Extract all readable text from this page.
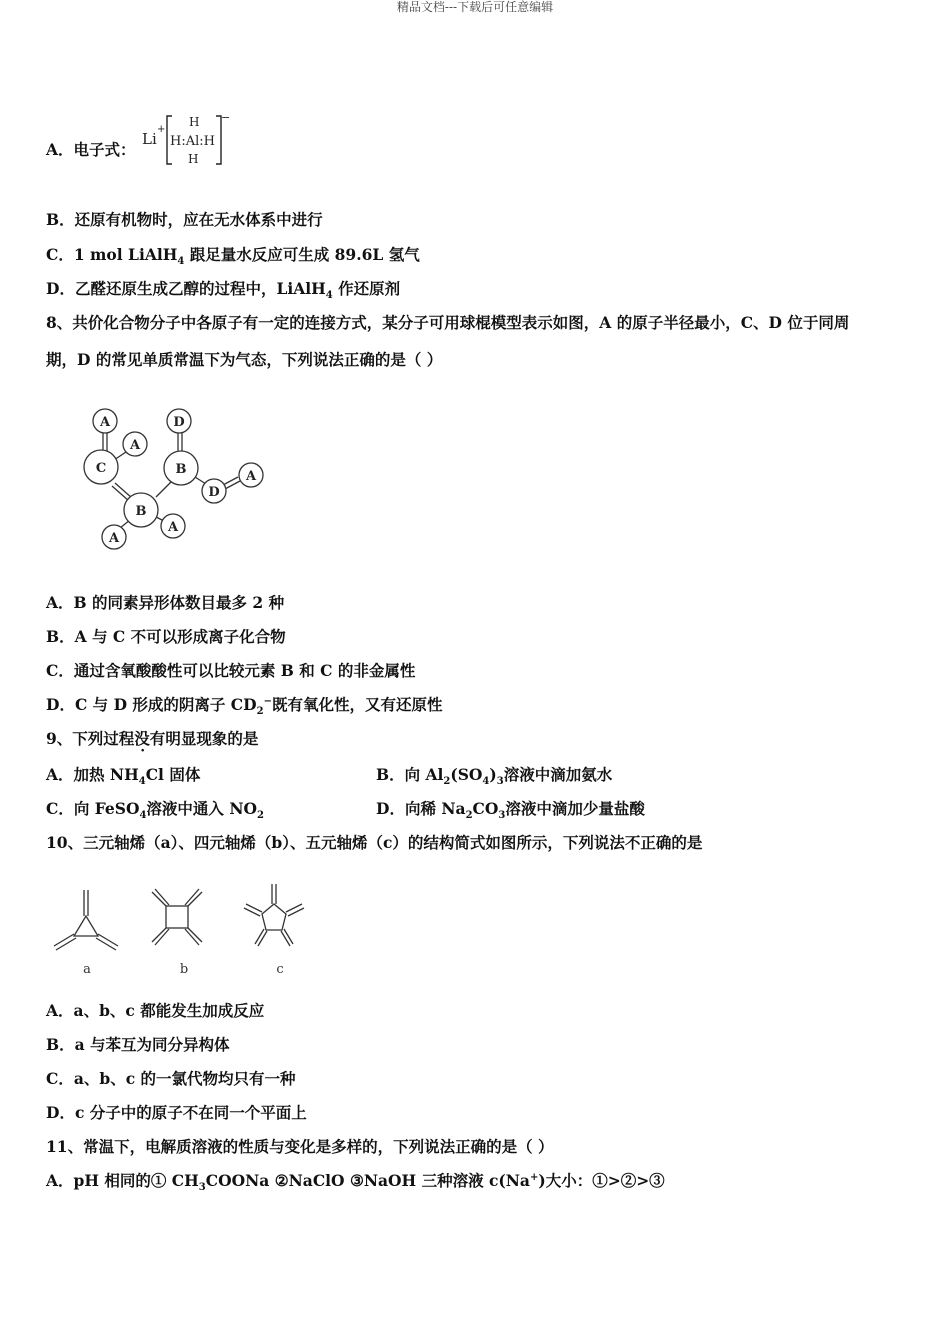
精品文档---下载后可任意编辑
A．电子式：
Li
+
H
H:Al:H
H
−
B．还原有机物时，应在无水体系中进行
C．1 mol LiAlH$_4$ 跟足量水反应可生成 89.6L 氢气
D．乙醛还原生成乙醇的过程中，LiAlH$_4$ 作还原剂
8、共价化合物分子中各原子有一定的连接方式，某分子可用球棍模型表示如图，A 的原子半径最小，C、D 位于同周
期，D 的常见单质常温下为气态，下列说法正确的是（ ）
A
A
C
D
B	A
D
B
A
A
A．B 的同素异形体数目最多 2 种
B．A 与 C 不可以形成离子化合物
C．通过含氧酸酸性可以比较元素 B 和 C 的非金属性
D．C 与 D 形成的阴离子 $CD_2^-$既有氧化性，又有还原性
9、下列过程没有明显现象的是
A．加热 $NH_4Cl$ 固体	B．向 $Al_2(SO_4)_3$溶液中滴加氨水
C．向 FeSO$_4$溶液中通入 $NO_2$	D．向稀 $Na_2CO_3$溶液中滴加少量盐酸
10、三元轴烯（a）、四元轴烯（b）、五元轴烯（c）的结构简式如图所示，下列说法不正确的是
a	b	c
A．a、b、c 都能发生加成反应
B．a 与苯互为同分异构体
C．a、b、c 的一氯代物均只有一种
D．c 分子中的原子不在同一个平面上
11、常温下，电解质溶液的性质与变化是多样的，下列说法正确的是（ ）
A．pH 相同的① $CH_3COONa$ ②NaClO ③NaOH 三种溶液 c(Na+)大小：①>②>③
